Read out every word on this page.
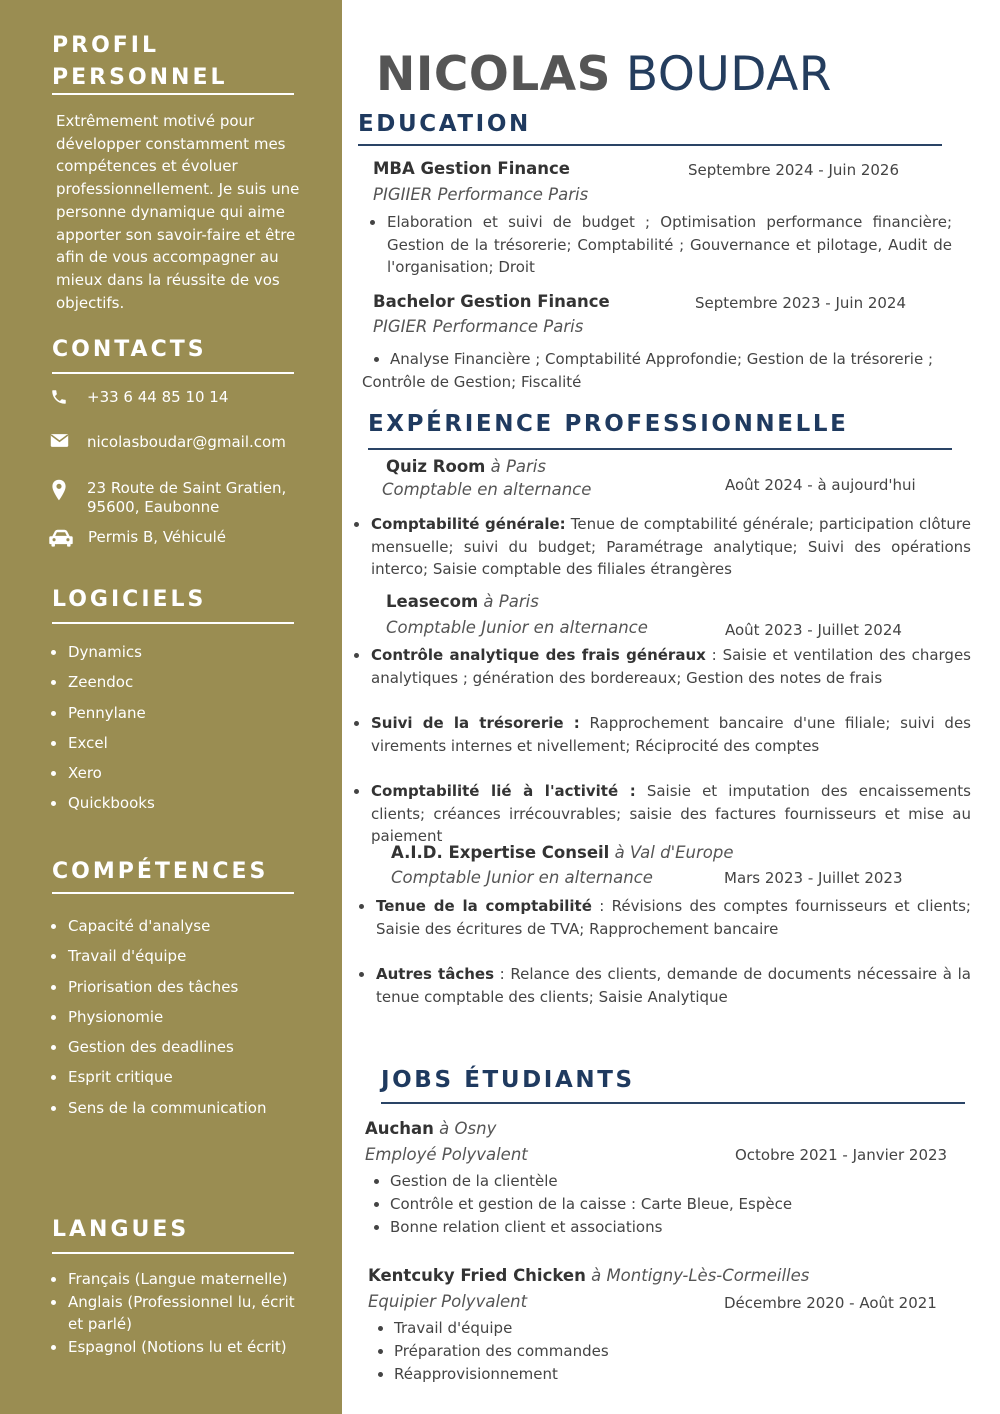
PROFIL
PERSONNEL

Extrêmement motivé pour développer constamment mes compétences et évoluer professionnellement. Je suis une personne dynamique qui aime apporter son savoir-faire et être afin de vous accompagner au mieux dans la réussite de vos objectifs.

CONTACTS
+33 6 44 85 10 14
nicolasboudar@gmail.com
23 Route de Saint Gratien,
95600, Eaubonne
Permis B, Véhiculé
LOGICIELS
Dynamics
Zeendoc
Pennylane
Excel
Xero
Quickbooks
COMPÉTENCES
Capacité d'analyse
Travail d'équipe
Priorisation des tâches
Physionomie
Gestion des deadlines
Esprit critique
Sens de la communication
LANGUES
Français (Langue maternelle)
Anglais (Professionnel lu, écrit et parlé)
Espagnol (Notions lu et écrit)
NICOLAS BOUDAR
EDUCATION
MBA Gestion Finance	Septembre 2024 - Juin 2026
PIGIIER Performance Paris

Elaboration et suivi de budget ; Optimisation performance financière; Gestion de la trésorerie; Comptabilité ; Gouvernance et pilotage, Audit de l'organisation; Droit

Bachelor Gestion Finance	Septembre 2023 - Juin 2024
PIGIER Performance Paris
Analyse Financière ; Comptabilité Approfondie; Gestion de la trésorerie ;
Contrôle de Gestion; Fiscalité
EXPÉRIENCE PROFESSIONNELLE
Quiz Room à Paris
Comptable en alternance	Août 2024 - à aujourd'hui

Comptabilité générale: Tenue de comptabilité générale; participation clôture mensuelle; suivi du budget; Paramétrage analytique; Suivi des opérations interco; Saisie comptable des filiales étrangères

Leasecom à Paris
Comptable Junior en alternance	Août 2023 - Juillet 2024

Contrôle analytique des frais généraux : Saisie et ventilation des charges analytiques ; génération des bordereaux; Gestion des notes de frais

Suivi de la trésorerie : Rapprochement bancaire d'une filiale; suivi des virements internes et nivellement; Réciprocité des comptes

Comptabilité lié à l'activité : Saisie et imputation des encaissements clients; créances irrécouvrables; saisie des factures fournisseurs et mise au paiement

A.I.D. Expertise Conseil à Val d'Europe
Comptable Junior en alternance	Mars 2023 - Juillet 2023

Tenue de la comptabilité : Révisions des comptes fournisseurs et clients; Saisie des écritures de TVA; Rapprochement bancaire

Autres tâches : Relance des clients, demande de documents nécessaire à la tenue comptable des clients; Saisie Analytique

JOBS ÉTUDIANTS
Auchan à Osny
Employé Polyvalent	Octobre 2021 - Janvier 2023
Gestion de la clientèle
Contrôle et gestion de la caisse : Carte Bleue, Espèce
Bonne relation client et associations
Kentcuky Fried Chicken à Montigny-Lès-Cormeilles
Equipier Polyvalent	Décembre 2020 - Août 2021
Travail d'équipe
Préparation des commandes
Réapprovisionnement
